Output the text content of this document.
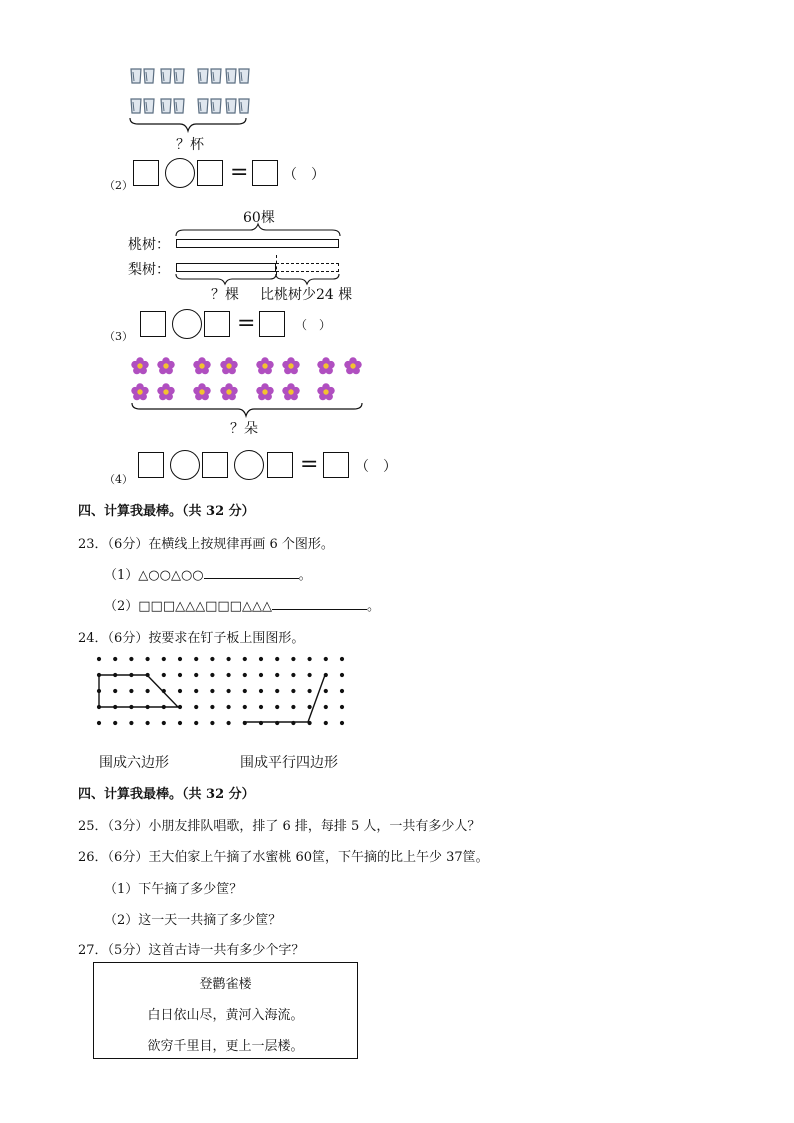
？杯
（2）
= （　）
60棵
桃树：
梨树：
？棵 比桃树少24 棵
（3）
=	（　）
？朵
（4）
=	（　）
四、计算我最棒。（共 32 分）
23．（6分）在横线上按规律再画 6 个图形。
（1）△○○△○○	。
（2）□□□△△△□□□△△△	。
24．（6分）按要求在钉子板上围图形。
围成六边形	围成平行四边形
四、计算我最棒。（共 32 分）
25．（3分）小朋友排队唱歌，排了 6 排，每排 5 人，一共有多少人？
26．（6分）王大伯家上午摘了水蜜桃 60筐，下午摘的比上午少 37筐。
（1）下午摘了多少筐？
（2）这一天一共摘了多少筐？
27．（5分）这首古诗一共有多少个字？
登鹳雀楼
白日依山尽，黄河入海流。
欲穷千里目，更上一层楼。
